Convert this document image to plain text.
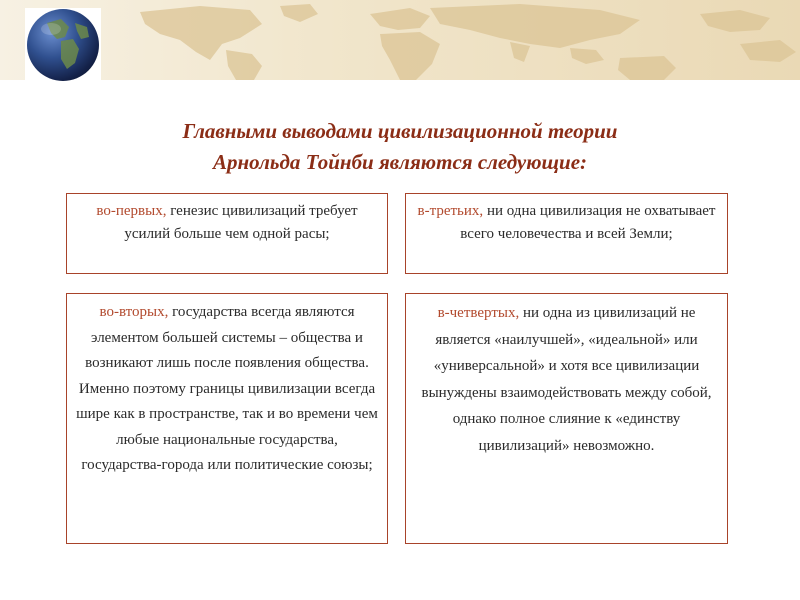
Главными выводами цивилизационной теории
Арнольда Тойнби являются следующие:
во-первых, генезис цивилизаций требует усилий больше чем одной расы;
в-третьих, ни одна цивилизация не охватывает всего человечества и всей Земли;
во-вторых, государства всегда являются элементом большей системы – общества и возникают лишь после появления общества. Именно поэтому границы цивилизации всегда шире как в пространстве, так и во времени чем любые национальные государства, государства-города или политические союзы;
в-четвертых, ни одна из цивилизаций не является «наилучшей», «идеальной» или «универсальной» и хотя все цивилизации вынуждены взаимодействовать между собой, однако полное слияние к «единству цивилизаций» невозможно.
